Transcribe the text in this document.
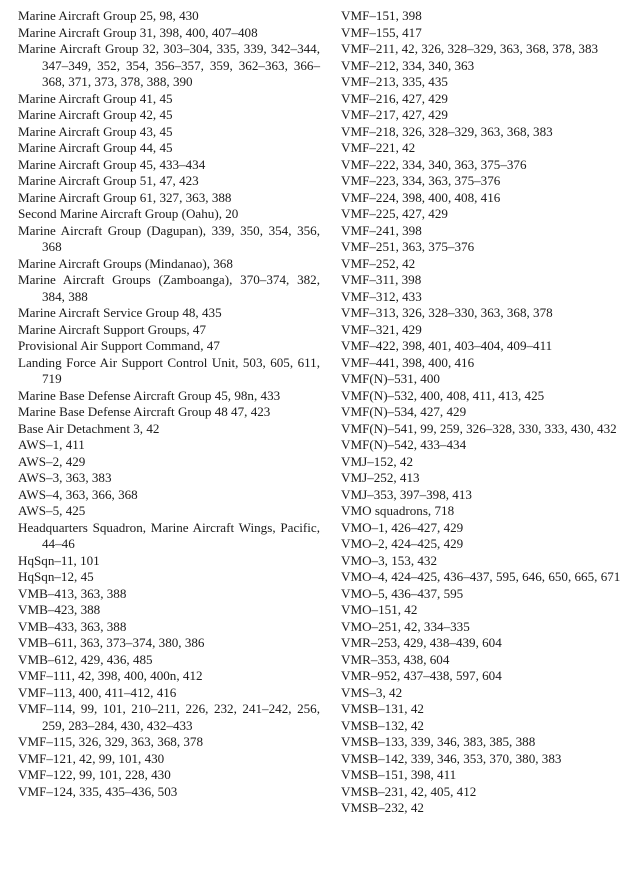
Marine Aircraft Group 25, 98, 430
Marine Aircraft Group 31, 398, 400, 407–408
Marine Aircraft Group 32, 303–304, 335, 339, 342–344, 347–349, 352, 354, 356–357, 359, 362–363, 366–368, 371, 373, 378, 388, 390
Marine Aircraft Group 41, 45
Marine Aircraft Group 42, 45
Marine Aircraft Group 43, 45
Marine Aircraft Group 44, 45
Marine Aircraft Group 45, 433–434
Marine Aircraft Group 51, 47, 423
Marine Aircraft Group 61, 327, 363, 388
Second Marine Aircraft Group (Oahu), 20
Marine Aircraft Group (Dagupan), 339, 350, 354, 356, 368
Marine Aircraft Groups (Mindanao), 368
Marine Aircraft Groups (Zamboanga), 370–374, 382, 384, 388
Marine Aircraft Service Group 48, 435
Marine Aircraft Support Groups, 47
Provisional Air Support Command, 47
Landing Force Air Support Control Unit, 503, 605, 611, 719
Marine Base Defense Aircraft Group 45, 98n, 433
Marine Base Defense Aircraft Group 48 47, 423
Base Air Detachment 3, 42
AWS–1, 411
AWS–2, 429
AWS–3, 363, 383
AWS–4, 363, 366, 368
AWS–5, 425
Headquarters Squadron, Marine Aircraft Wings, Pacific, 44–46
HqSqn–11, 101
HqSqn–12, 45
VMB–413, 363, 388
VMB–423, 388
VMB–433, 363, 388
VMB–611, 363, 373–374, 380, 386
VMB–612, 429, 436, 485
VMF–111, 42, 398, 400, 400n, 412
VMF–113, 400, 411–412, 416
VMF–114, 99, 101, 210–211, 226, 232, 241–242, 256, 259, 283–284, 430, 432–433
VMF–115, 326, 329, 363, 368, 378
VMF–121, 42, 99, 101, 430
VMF–122, 99, 101, 228, 430
VMF–124, 335, 435–436, 503
VMF–151, 398
VMF–155, 417
VMF–211, 42, 326, 328–329, 363, 368, 378, 383
VMF–212, 334, 340, 363
VMF–213, 335, 435
VMF–216, 427, 429
VMF–217, 427, 429
VMF–218, 326, 328–329, 363, 368, 383
VMF–221, 42
VMF–222, 334, 340, 363, 375–376
VMF–223, 334, 363, 375–376
VMF–224, 398, 400, 408, 416
VMF–225, 427, 429
VMF–241, 398
VMF–251, 363, 375–376
VMF–252, 42
VMF–311, 398
VMF–312, 433
VMF–313, 326, 328–330, 363, 368, 378
VMF–321, 429
VMF–422, 398, 401, 403–404, 409–411
VMF–441, 398, 400, 416
VMF(N)–531, 400
VMF(N)–532, 400, 408, 411, 413, 425
VMF(N)–534, 427, 429
VMF(N)–541, 99, 259, 326–328, 330, 333, 430, 432
VMF(N)–542, 433–434
VMJ–152, 42
VMJ–252, 413
VMJ–353, 397–398, 413
VMO squadrons, 718
VMO–1, 426–427, 429
VMO–2, 424–425, 429
VMO–3, 153, 432
VMO–4, 424–425, 436–437, 595, 646, 650, 665, 671
VMO–5, 436–437, 595
VMO–151, 42
VMO–251, 42, 334–335
VMR–253, 429, 438–439, 604
VMR–353, 438, 604
VMR–952, 437–438, 597, 604
VMS–3, 42
VMSB–131, 42
VMSB–132, 42
VMSB–133, 339, 346, 383, 385, 388
VMSB–142, 339, 346, 353, 370, 380, 383
VMSB–151, 398, 411
VMSB–231, 42, 405, 412
VMSB–232, 42
